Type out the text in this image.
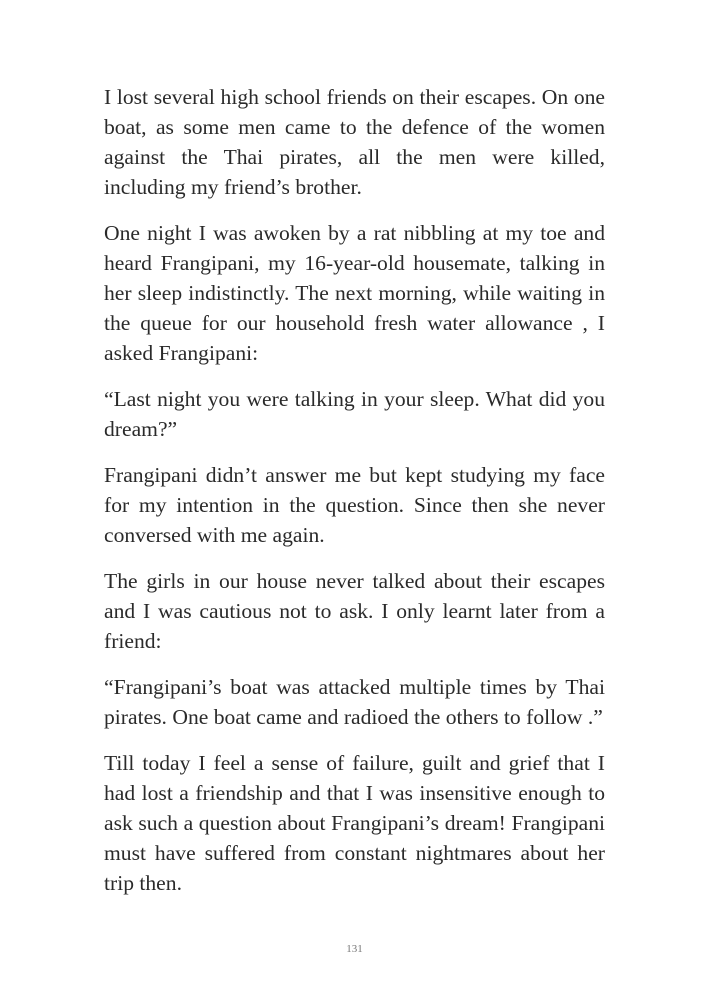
I lost several high school friends on their escapes. On one boat, as some men came to the defence of the women against the Thai pirates, all the men were killed, including my friend’s brother.

One night I was awoken by a rat nibbling at my toe and heard Frangipani, my 16-year-old housemate, talking in her sleep indistinctly. The next morning, while waiting in the queue for our household fresh water allowance , I asked Frangipani:

“Last night you were talking in your sleep. What did you dream?”

Frangipani didn’t answer me but kept studying my face for my intention in the question. Since then she never conversed with me again.

The girls in our house never talked about their escapes and I was cautious not to ask. I only learnt later from a friend:

“Frangipani’s boat was attacked multiple times by Thai pirates. One boat came and radioed the others to follow .”

Till today I feel a sense of failure, guilt and grief that I had lost a friendship and that I was insensitive enough to ask such a question about Frangipani’s dream! Frangipani must have suffered from constant nightmares about her trip then.

131
